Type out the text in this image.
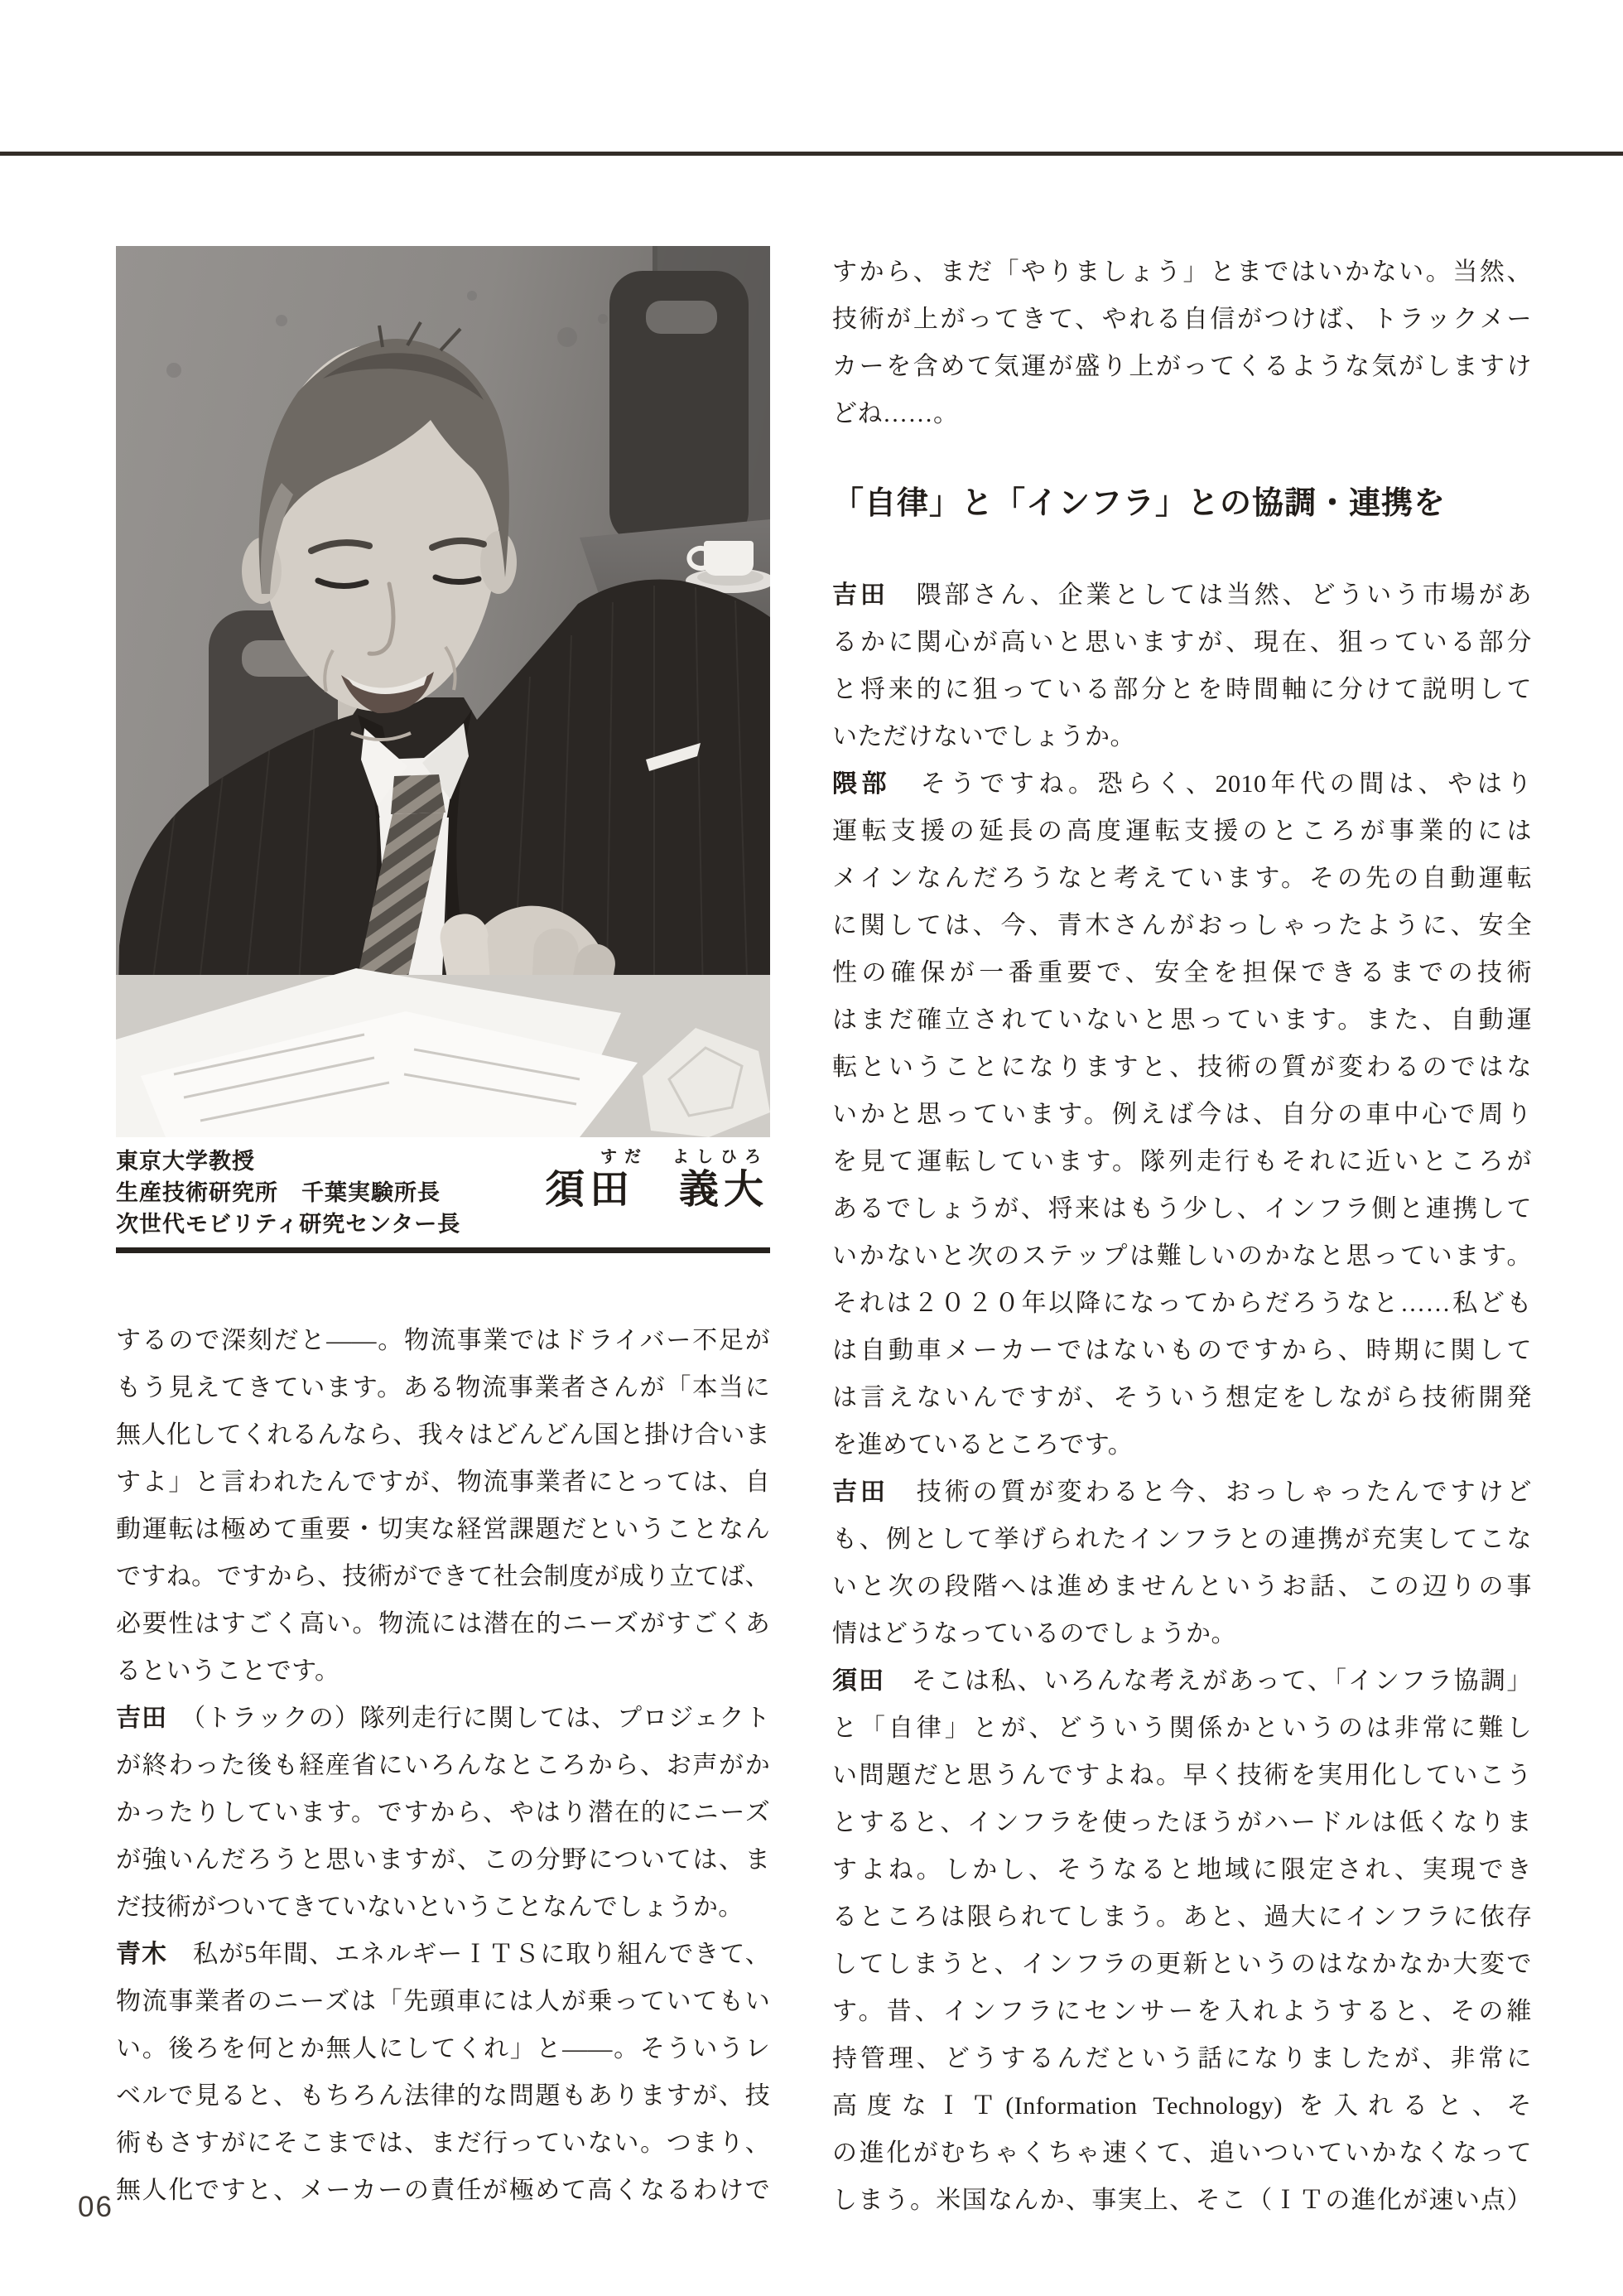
東京大学教授
生産技術研究所　千葉実験所長
次世代モビリティ研究センター長
すだ　よしひろ
須田　義大
するので深刻だと——。物流事業ではドライバー不足が
もう見えてきています。ある物流事業者さんが「本当に
無人化してくれるんなら、我々はどんどん国と掛け合いま
すよ」と言われたんですが、物流事業者にとっては、自
動運転は極めて重要・切実な経営課題だということなん
ですね。ですから、技術ができて社会制度が成り立てば、
必要性はすごく高い。物流には潜在的ニーズがすごくあ
るということです。
吉田　（トラックの）隊列走行に関しては、プロジェクト
が終わった後も経産省にいろんなところから、お声がか
かったりしています。ですから、やはり潜在的にニーズ
が強いんだろうと思いますが、この分野については、ま
だ技術がついてきていないということなんでしょうか。
青木　私が5年間、エネルギーＩＴＳに取り組んできて、
物流事業者のニーズは「先頭車には人が乗っていてもい
い。後ろを何とか無人にしてくれ」と——。そういうレ
ベルで見ると、もちろん法律的な問題もありますが、技
術もさすがにそこまでは、まだ行っていない。つまり、
無人化ですと、メーカーの責任が極めて高くなるわけで
すから、まだ「やりましょう」とまではいかない。当然、
技術が上がってきて、やれる自信がつけば、トラックメー
カーを含めて気運が盛り上がってくるような気がしますけ
どね……。
「自律」と「インフラ」との協調・連携を
吉田　隈部さん、企業としては当然、どういう市場があ
るかに関心が高いと思いますが、現在、狙っている部分
と将来的に狙っている部分とを時間軸に分けて説明して
いただけないでしょうか。
隈部　そうですね。恐らく、2010年代の間は、やはり
運転支援の延長の高度運転支援のところが事業的には
メインなんだろうなと考えています。その先の自動運転
に関しては、今、青木さんがおっしゃったように、安全
性の確保が一番重要で、安全を担保できるまでの技術
はまだ確立されていないと思っています。また、自動運
転ということになりますと、技術の質が変わるのではな
いかと思っています。例えば今は、自分の車中心で周り
を見て運転しています。隊列走行もそれに近いところが
あるでしょうが、将来はもう少し、インフラ側と連携して
いかないと次のステップは難しいのかなと思っています。
それは２０２０年以降になってからだろうなと……私ども
は自動車メーカーではないものですから、時期に関して
は言えないんですが、そういう想定をしながら技術開発
を進めているところです。
吉田　技術の質が変わると今、おっしゃったんですけど
も、例として挙げられたインフラとの連携が充実してこな
いと次の段階へは進めませんというお話、この辺りの事
情はどうなっているのでしょうか。
須田　そこは私、いろんな考えがあって、「インフラ協調」
と「自律」とが、どういう関係かというのは非常に難し
い問題だと思うんですよね。早く技術を実用化していこう
とすると、インフラを使ったほうがハードルは低くなりま
すよね。しかし、そうなると地域に限定され、実現でき
るところは限られてしまう。あと、過大にインフラに依存
してしまうと、インフラの更新というのはなかなか大変で
す。昔、インフラにセンサーを入れようすると、その維
持管理、どうするんだという話になりましたが、非常に
高度なＩＴ(Information Technology) を入れると、そ
の進化がむちゃくちゃ速くて、追いついていかなくなって
しまう。米国なんか、事実上、そこ（ＩＴの進化が速い点）
06
